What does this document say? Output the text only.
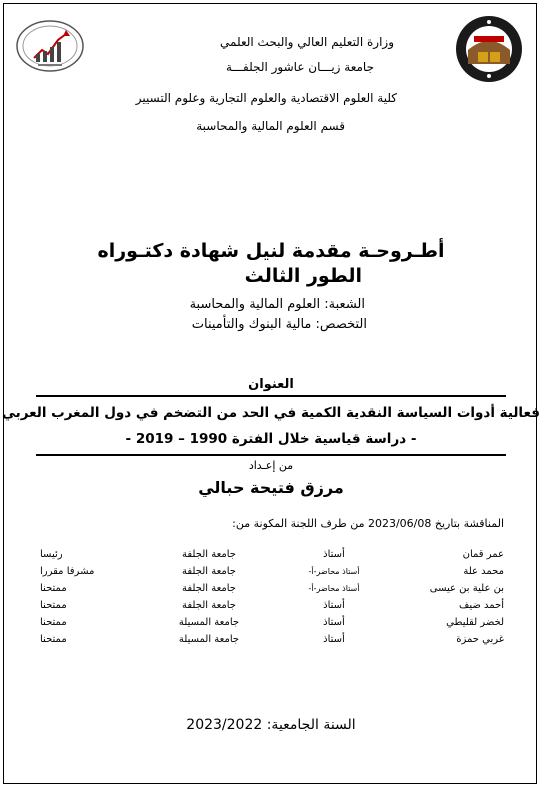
وزارة التعليم العالي والبحث العلمي
جامعة زيـــان عاشور الجلفـــة
كلية العلوم الاقتصادية والعلوم التجارية وعلوم التسيير
قسم العلوم المالية والمحاسبة
أطـروحـة مقدمة لنيل شهادة دكتـوراه
الطور الثالث
الشعبة: العلوم المالية والمحاسبة
التخصص: مالية البنوك والتأمينات
العنوان
فعالية أدوات السياسة النقدية الكمية في الحد من التضخم في دول المغرب العربي
- دراسة قياسية خلال الفترة 1990 – 2019 -
من إعـداد
مرزق فتيحة حبالي
المناقشة بتاريخ 2023/06/08 من طرف اللجنة المكونة من:
عمر قمان	أستاذ	جامعة الجلفة	رئيسا
محمد علة	أستاذ محاضر-أ-	جامعة الجلفة	مشرفا مقررا
بن علية بن عيسى	أستاذ محاضر-أ-	جامعة الجلفة	ممتحنا
أحمد ضيف	أستاذ	جامعة الجلفة	ممتحنا
لخضر لقليطي	أستاذ	جامعة المسيلة	ممتحنا
غربي حمزة	أستاذ	جامعة المسيلة	ممتحنا
السنة الجامعية: 2023/2022
